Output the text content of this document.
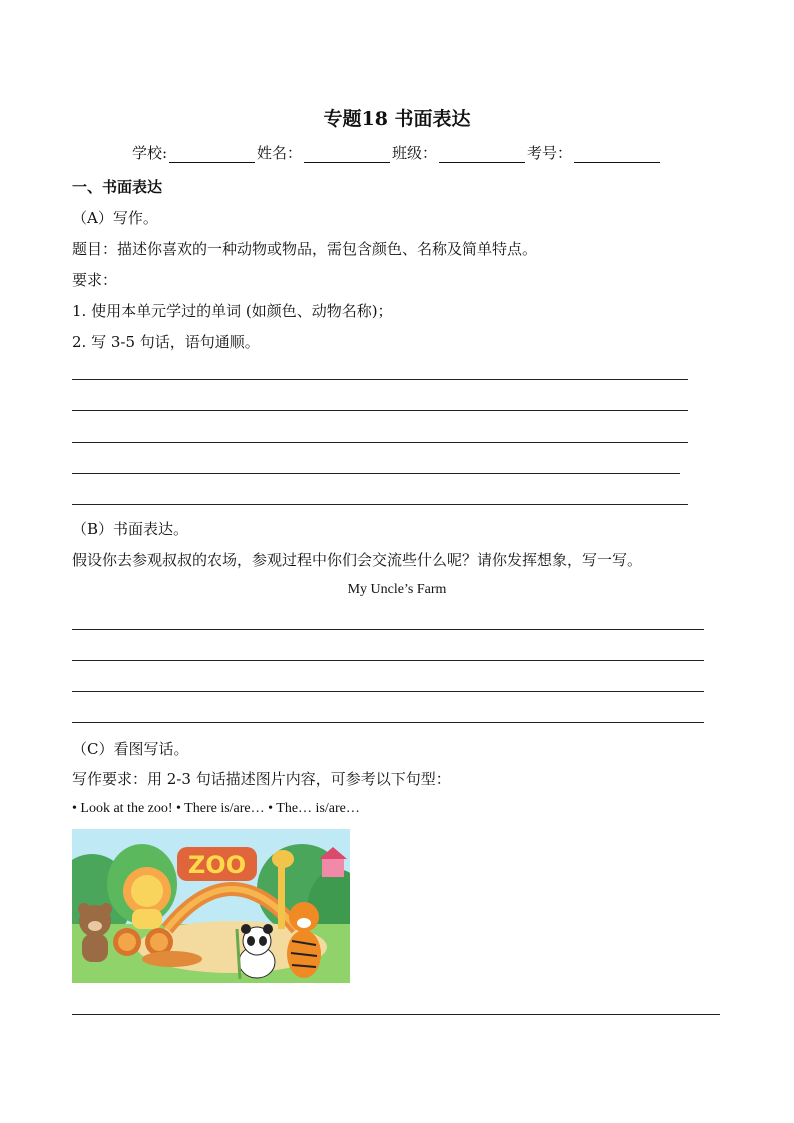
专题18 书面表达
学校:	姓名：	班级：	考号：
一、书面表达
（A）写作。
题目：描述你喜欢的一种动物或物品，需包含颜色、名称及简单特点。
要求：
1. 使用本单元学过的单词 (如颜色、动物名称)；
2. 写 3-5 句话，语句通顺。
（B）书面表达。
假设你去参观叔叔的农场，参观过程中你们会交流些什么呢？请你发挥想象，写一写。
My Uncle’s Farm
（C）看图写话。
写作要求：用 2-3 句话描述图片内容，可参考以下句型：
• Look at the zoo! • There is/are… • The… is/are…
ZOO
